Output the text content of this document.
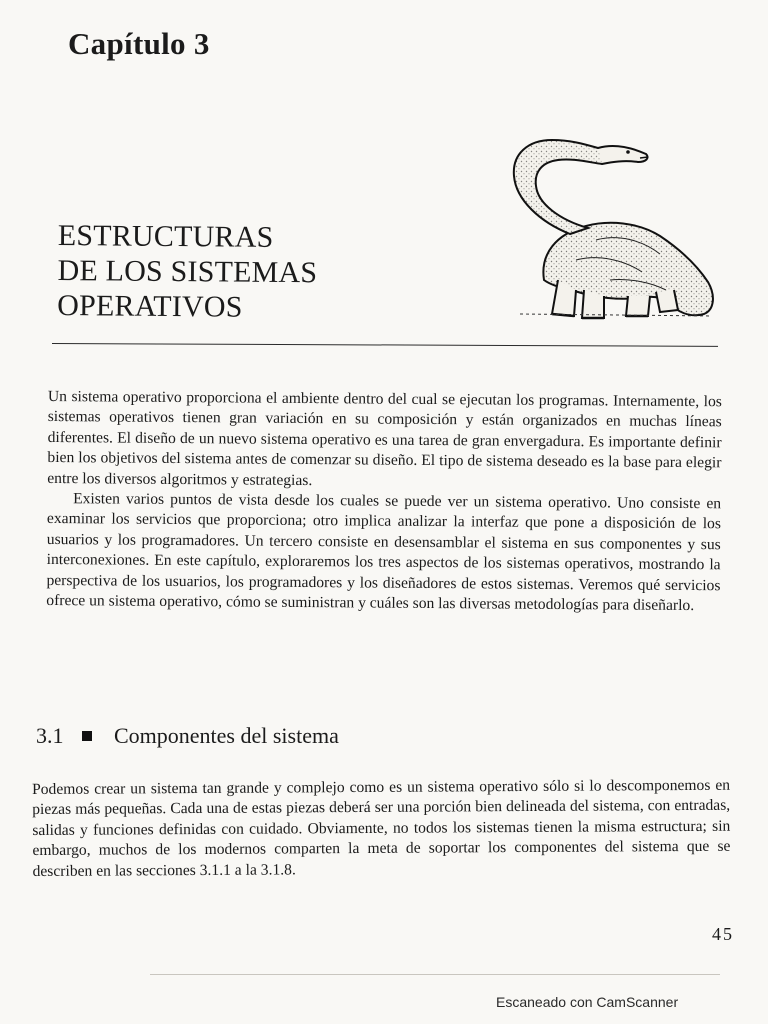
Capítulo 3
ESTRUCTURAS
DE LOS SISTEMAS
OPERATIVOS

Un sistema operativo proporciona el ambiente dentro del cual se ejecutan los programas. Internamente, los sistemas operativos tienen gran variación en su composición y están organizados en muchas líneas diferentes. El diseño de un nuevo sistema operativo es una tarea de gran envergadura. Es importante definir bien los objetivos del sistema antes de comenzar su diseño. El tipo de sistema deseado es la base para elegir entre los diversos algoritmos y estrategias.

Existen varios puntos de vista desde los cuales se puede ver un sistema operativo. Uno consiste en examinar los servicios que proporciona; otro implica analizar la interfaz que pone a disposición de los usuarios y los programadores. Un tercero consiste en desensamblar el sistema en sus componentes y sus interconexiones. En este capítulo, exploraremos los tres aspectos de los sistemas operativos, mostrando la perspectiva de los usuarios, los programadores y los diseñadores de estos sistemas. Veremos qué servicios ofrece un sistema operativo, cómo se suministran y cuáles son las diversas metodologías para diseñarlo.

3.1 Componentes del sistema

Podemos crear un sistema tan grande y complejo como es un sistema operativo sólo si lo descomponemos en piezas más pequeñas. Cada una de estas piezas deberá ser una porción bien delineada del sistema, con entradas, salidas y funciones definidas con cuidado. Obviamente, no todos los sistemas tienen la misma estructura; sin embargo, muchos de los modernos comparten la meta de soportar los componentes del sistema que se describen en las secciones 3.1.1 a la 3.1.8.

45
Escaneado con CamScanner
